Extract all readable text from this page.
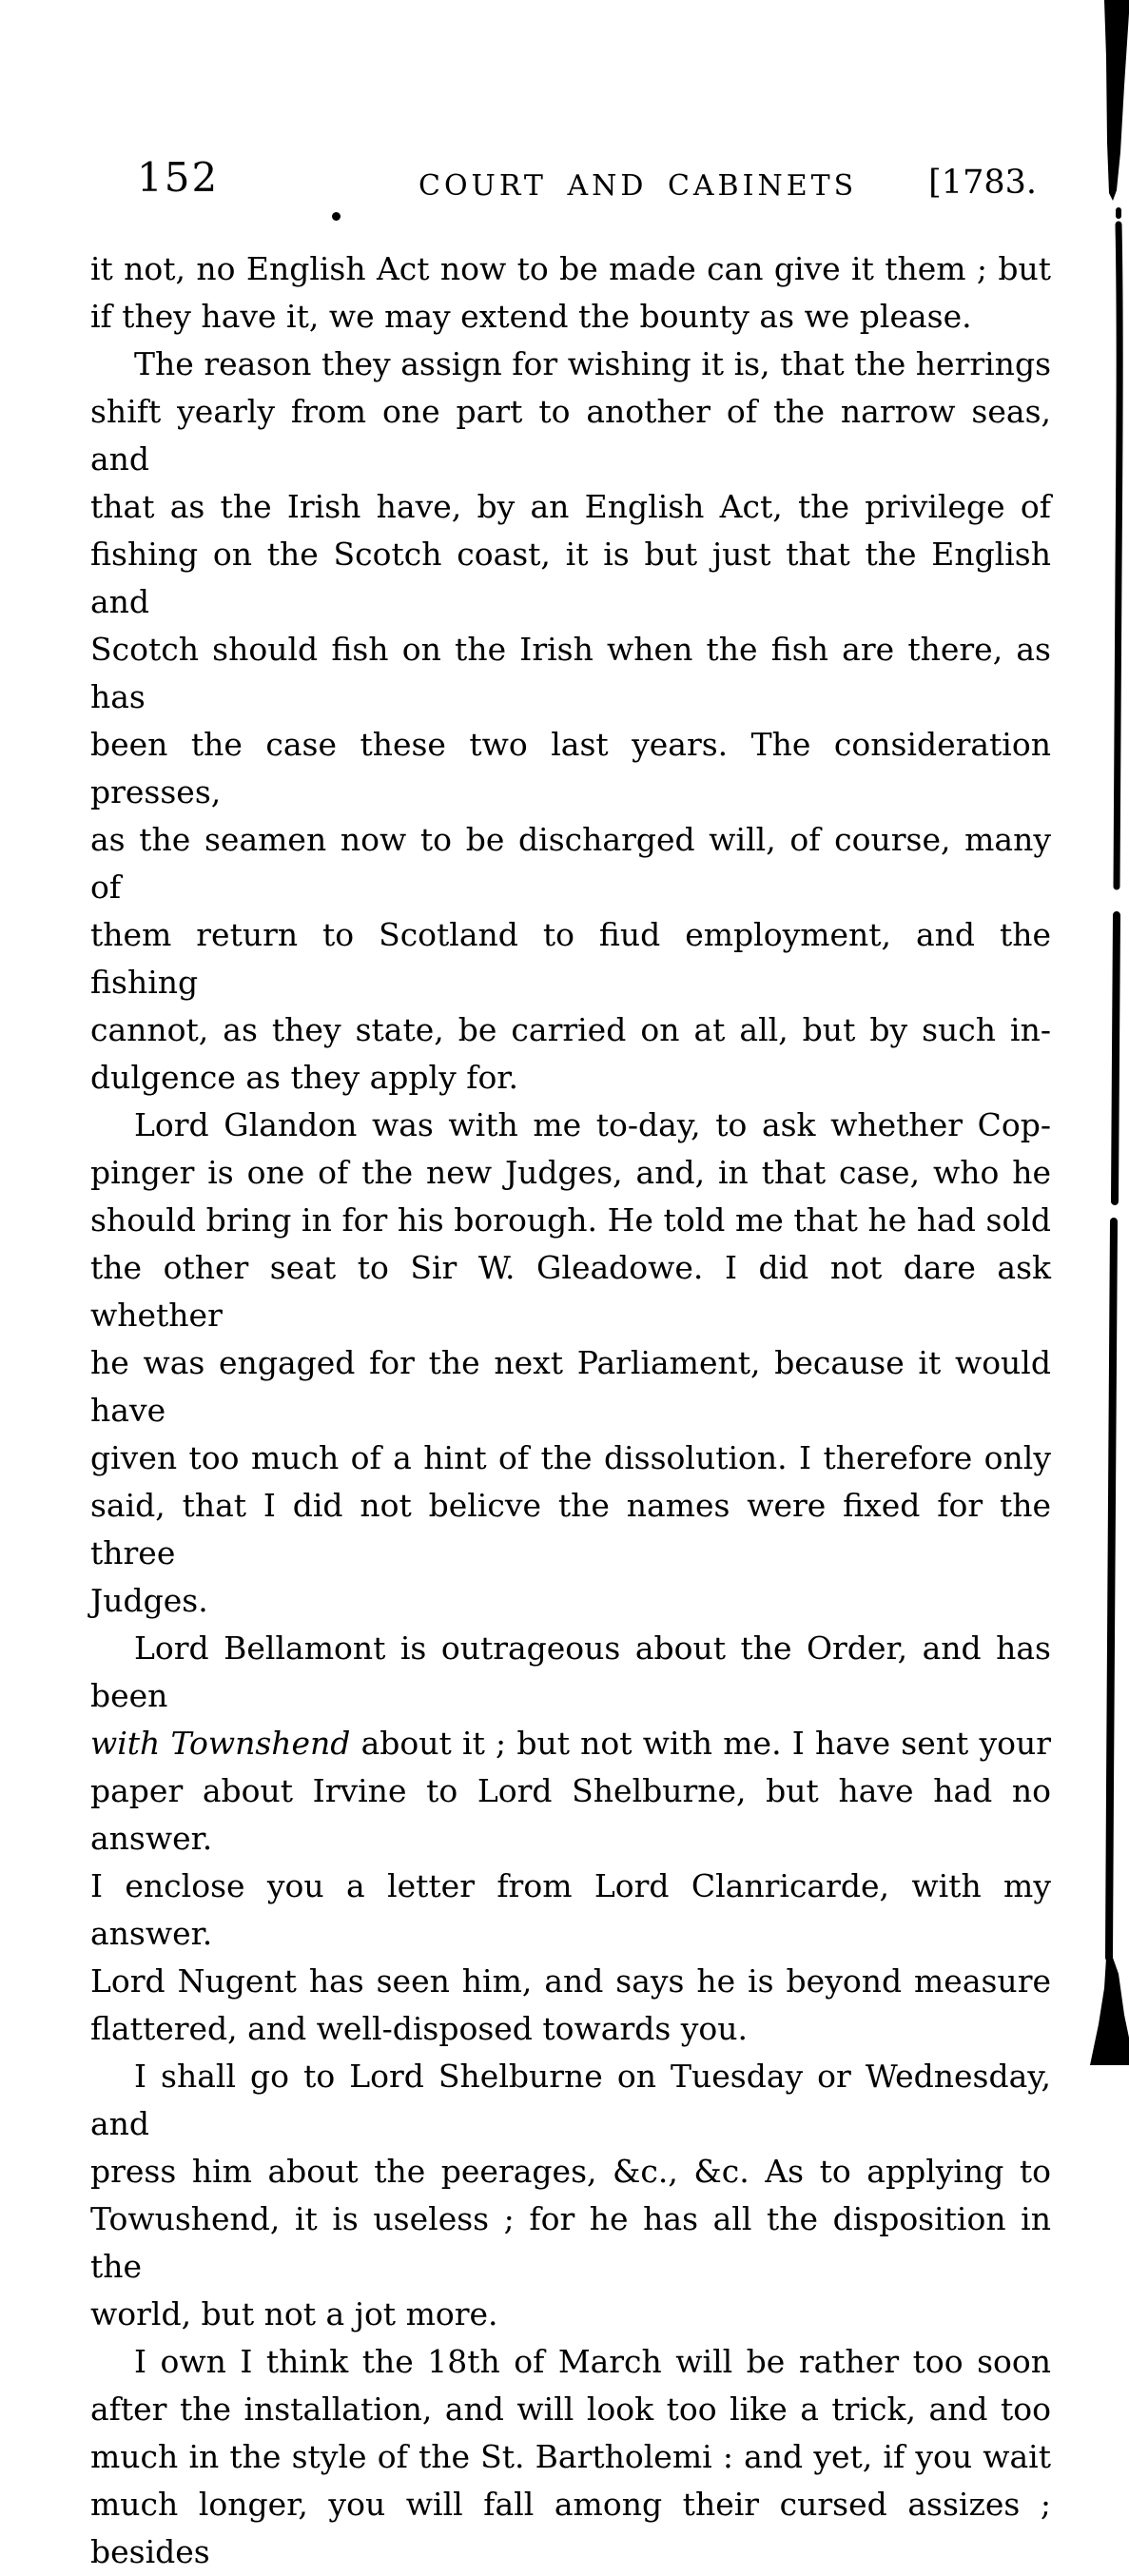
152	COURT AND CABINETS [1783.
it not, no English Act now to be made can give it them ; but
if they have it, we may extend the bounty as we please.
The reason they assign for wishing it is, that the herrings
shift yearly from one part to another of the narrow seas, and
that as the Irish have, by an English Act, the privilege of
fishing on the Scotch coast, it is but just that the English and
Scotch should fish on the Irish when the fish are there, as has
been the case these two last years. The consideration presses,
as the seamen now to be discharged will, of course, many of
them return to Scotland to fiud employment, and the fishing
cannot, as they state, be carried on at all, but by such in-
dulgence as they apply for.
Lord Glandon was with me to-day, to ask whether Cop-
pinger is one of the new Judges, and, in that case, who he
should bring in for his borough. He told me that he had sold
the other seat to Sir W. Gleadowe. I did not dare ask whether
he was engaged for the next Parliament, because it would have
given too much of a hint of the dissolution. I therefore only
said, that I did not belicve the names were fixed for the three
Judges.
Lord Bellamont is outrageous about the Order, and has been
with Townshend about it ; but not with me. I have sent your
paper about Irvine to Lord Shelburne, but have had no answer.
I enclose you a letter from Lord Clanricarde, with my answer.
Lord Nugent has seen him, and says he is beyond measure
flattered, and well-disposed towards you.
I shall go to Lord Shelburne on Tuesday or Wednesday, and
press him about the peerages, &c., &c. As to applying to
Towushend, it is useless ; for he has all the disposition in the
world, but not a jot more.
I own I think the 18th of March will be rather too soon
after the installation, and will look too like a trick, and too
much in the style of the St. Bartholemi : and yet, if you wait
much longer, you will fall among their cursed assizes ; besides
